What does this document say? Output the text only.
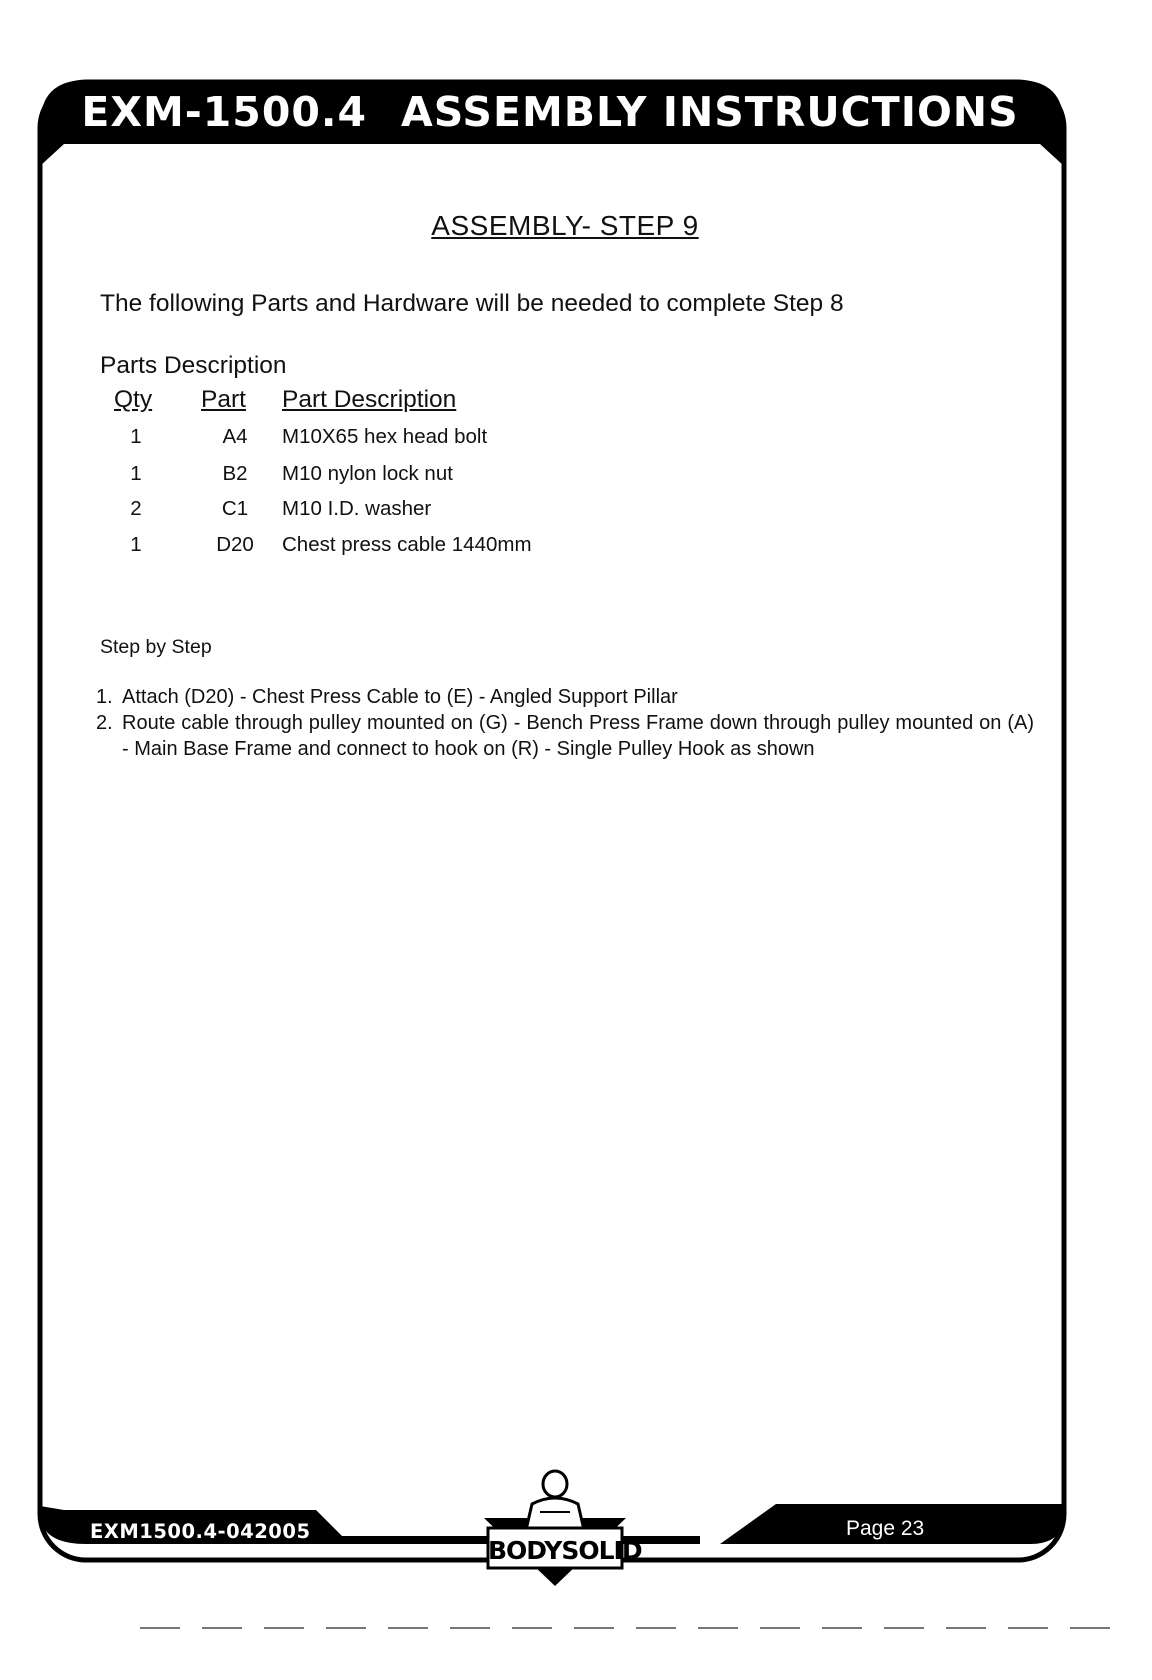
BODYSOLID
EXM-1500.4 ASSEMBLY INSTRUCTIONS
ASSEMBLY- STEP 9
The following Parts and Hardware will be needed to complete Step 8
Parts Description
Qty Part Part Description
1	A4	M10X65 hex head bolt
1	B2	M10 nylon lock nut
2	C1	M10 I.D. washer
1	D20	Chest press cable 1440mm
Step by Step
1. Attach (D20) - Chest Press Cable to (E) - Angled Support Pillar
2. Route cable through pulley mounted on (G) - Bench Press Frame down through pulley mounted on (A) - Main Base Frame and connect to hook on (R) - Single Pulley Hook as shown
EXM1500.4-042005	Page 23
